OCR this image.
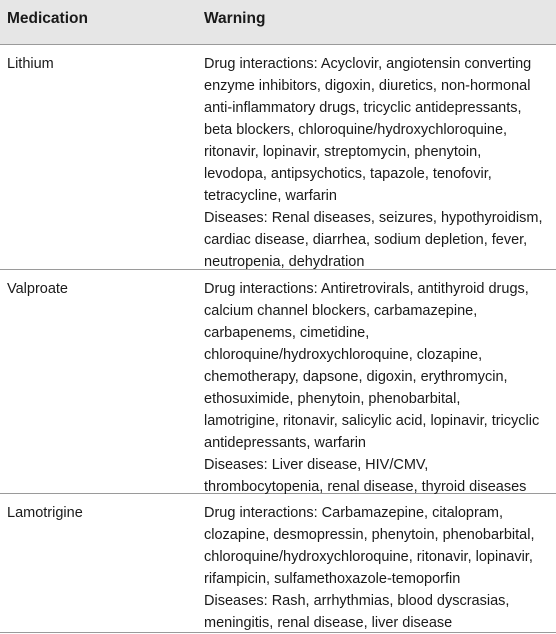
Medication	Warning
Lithium	Drug interactions: Acyclovir, angiotensin converting
enzyme inhibitors, digoxin, diuretics, non-hormonal
anti-inflammatory drugs, tricyclic antidepressants,
beta blockers, chloroquine/hydroxychloroquine,
ritonavir, lopinavir, streptomycin, phenytoin,
levodopa, antipsychotics, tapazole, tenofovir,
tetracycline, warfarin
Diseases: Renal diseases, seizures, hypothyroidism,
cardiac disease, diarrhea, sodium depletion, fever,
neutropenia, dehydration
Valproate	Drug interactions: Antiretrovirals, antithyroid drugs,
calcium channel blockers, carbamazepine,
carbapenems, cimetidine,
chloroquine/hydroxychloroquine, clozapine,
chemotherapy, dapsone, digoxin, erythromycin,
ethosuximide, phenytoin, phenobarbital,
lamotrigine, ritonavir, salicylic acid, lopinavir, tricyclic
antidepressants, warfarin
Diseases: Liver disease, HIV/CMV,
thrombocytopenia, renal disease, thyroid diseases
Lamotrigine	Drug interactions: Carbamazepine, citalopram,
clozapine, desmopressin, phenytoin, phenobarbital,
chloroquine/hydroxychloroquine, ritonavir, lopinavir,
rifampicin, sulfamethoxazole-temoporfin
Diseases: Rash, arrhythmias, blood dyscrasias,
meningitis, renal disease, liver disease
